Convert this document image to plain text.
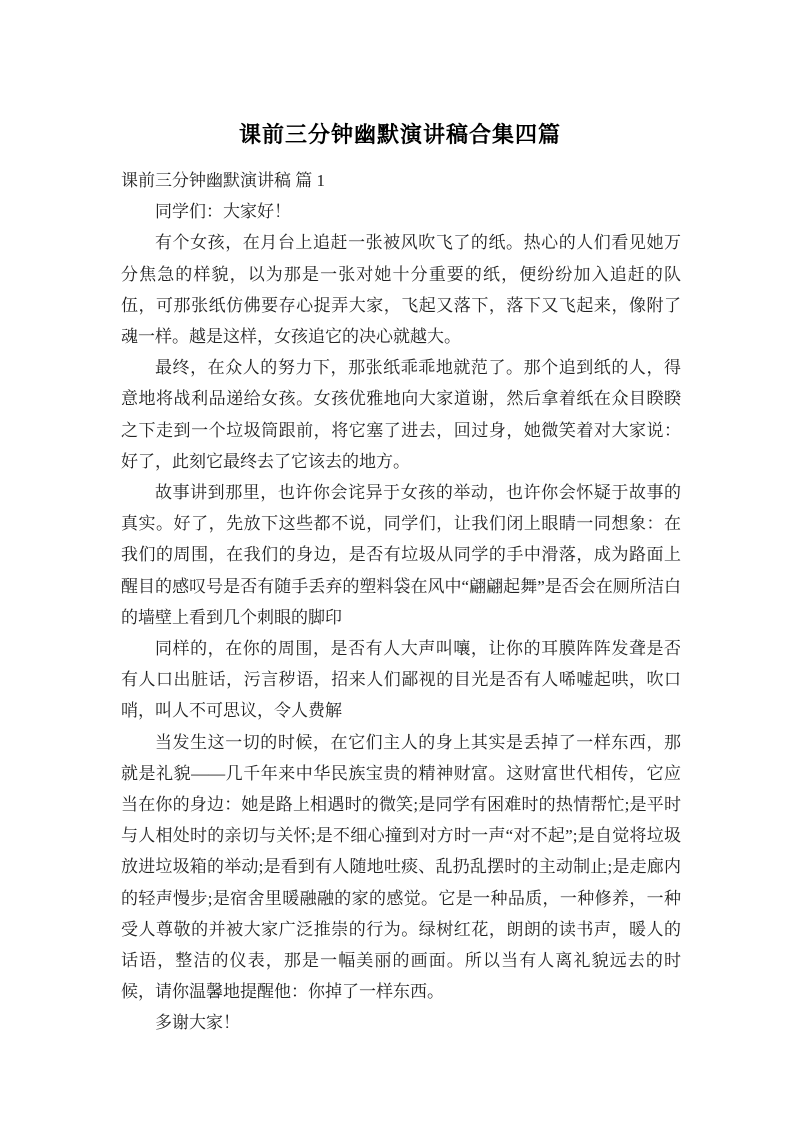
课前三分钟幽默演讲稿合集四篇

课前三分钟幽默演讲稿 篇 1

同学们：大家好！

有个女孩，在月台上追赶一张被风吹飞了的纸。热心的人们看见她万分焦急的样貌，以为那是一张对她十分重要的纸，便纷纷加入追赶的队伍，可那张纸仿佛要存心捉弄大家，飞起又落下，落下又飞起来，像附了魂一样。越是这样，女孩追它的决心就越大。

最终，在众人的努力下，那张纸乖乖地就范了。那个追到纸的人，得意地将战利品递给女孩。女孩优雅地向大家道谢，然后拿着纸在众目睽睽之下走到一个垃圾筒跟前，将它塞了进去，回过身，她微笑着对大家说：好了，此刻它最终去了它该去的地方。

故事讲到那里，也许你会诧异于女孩的举动，也许你会怀疑于故事的真实。好了，先放下这些都不说，同学们，让我们闭上眼睛一同想象：在我们的周围，在我们的身边，是否有垃圾从同学的手中滑落，成为路面上醒目的感叹号是否有随手丢弃的塑料袋在风中“翩翩起舞”是否会在厕所洁白的墙壁上看到几个刺眼的脚印

同样的，在你的周围，是否有人大声叫嚷，让你的耳膜阵阵发聋是否有人口出脏话，污言秽语，招来人们鄙视的目光是否有人唏嘘起哄，吹口哨，叫人不可思议，令人费解

当发生这一切的时候，在它们主人的身上其实是丢掉了一样东西，那就是礼貌——几千年来中华民族宝贵的精神财富。这财富世代相传，它应当在你的身边：她是路上相遇时的微笑;是同学有困难时的热情帮忙;是平时与人相处时的亲切与关怀;是不细心撞到对方时一声“对不起”;是自觉将垃圾放进垃圾箱的举动;是看到有人随地吐痰、乱扔乱摆时的主动制止;是走廊内的轻声慢步;是宿舍里暖融融的家的感觉。它是一种品质，一种修养，一种受人尊敬的并被大家广泛推崇的行为。绿树红花，朗朗的读书声，暖人的话语，整洁的仪表，那是一幅美丽的画面。所以当有人离礼貌远去的时候，请你温馨地提醒他：你掉了一样东西。

多谢大家！
